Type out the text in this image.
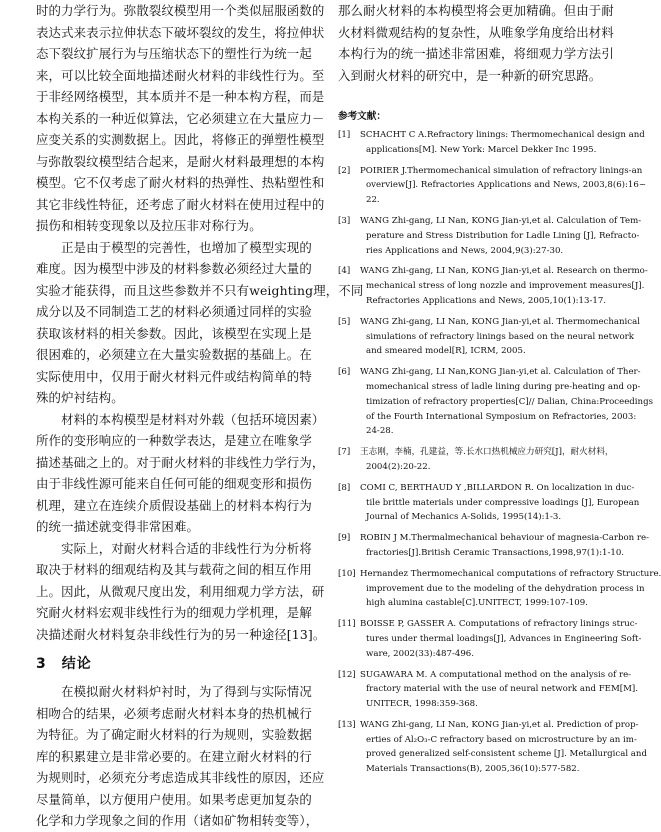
时的力学行为。弥散裂纹模型用一个类似屈服函数的
表达式来表示拉伸状态下破坏裂纹的发生，将拉伸状
态下裂纹扩展行为与压缩状态下的塑性行为统一起
来，可以比较全面地描述耐火材料的非线性行为。至
于非经网络模型，其本质并不是一种本构方程，而是
本构关系的一种近似算法，它必须建立在大量应力－
应变关系的实测数据上。因此，将修正的弹塑性模型
与弥散裂纹模型结合起来，是耐火材料最理想的本构
模型。它不仅考虑了耐火材料的热弹性、热粘塑性和
其它非线性特征，还考虑了耐火材料在使用过程中的
损伤和相转变现象以及拉压非对称行为。
　　正是由于模型的完善性，也增加了模型实现的
难度。因为模型中涉及的材料参数必须经过大量的
实验才能获得，而且这些参数并不只有weighting理，不同
成分以及不同制造工艺的材料必须通过同样的实验
获取该材料的相关参数。因此，该模型在实现上是
很困难的，必须建立在大量实验数据的基础上。在
实际使用中，仅用于耐火材料元件或结构简单的特
殊的炉衬结构。
　　材料的本构模型是材料对外载（包括环境因素）
所作的变形响应的一种数学表达，是建立在唯象学
描述基础之上的。对于耐火材料的非线性力学行为，
由于非线性源可能来自任何可能的细观变形和损伤
机理，建立在连续介质假设基础上的材料本构行为
的统一描述就变得非常困难。
　　实际上，对耐火材料合适的非线性行为分析将
取决于材料的细观结构及其与载荷之间的相互作用
上。因此，从微观尺度出发，利用细观力学方法，研
究耐火材料宏观非线性行为的细观力学机理，是解
决描述耐火材料复杂非线性行为的另一种途径[13]。
3　结论
　　在模拟耐火材料炉衬时，为了得到与实际情况
相吻合的结果，必须考虑耐火材料本身的热机械行
为特征。为了确定耐火材料的行为规则，实验数据
库的积累建立是非常必要的。在建立耐火材料的行
为规则时，必须充分考虑造成其非线性的原因，还应
尽量简单，以方便用户使用。如果考虑更加复杂的
化学和力学现象之间的作用（诸如矿物相转变等），
那么耐火材料的本构模型将会更加精确。但由于耐
火材料微观结构的复杂性，从唯象学角度给出材料
本构行为的统一描述非常困难，将细观力学方法引
入到耐火材料的研究中，是一种新的研究思路。
参考文献：
[1]	SCHACHT C A.Refractory linings: Thermomechanical design and
applications[M]. New York: Marcel Dekker Inc 1995.
[2]	POIRIER J.Thermomechanical simulation of refractory linings-an
overview[J]. Refractories Applications and News, 2003,8(6):16~
22.
[3]	WANG Zhi-gang, LI Nan, KONG Jian-yi,et al. Calculation of Tem-
perature and Stress Distribution for Ladle Lining [J], Refracto-
ries Applications and News, 2004,9(3):27-30.
[4]	WANG Zhi-gang, LI Nan, KONG Jian-yi,et al. Research on thermo-
mechanical stress of long nozzle and improvement measures[J].
Refractories Applications and News, 2005,10(1):13-17.
[5]	WANG Zhi-gang, LI Nan, KONG Jian-yi,et al. Thermomechanical
simulations of refractory linings based on the neural network
and smeared model[R], ICRM, 2005.
[6]	WANG Zhi-gang, LI Nan,KONG Jian-yi,et al. Calculation of Ther-
momechanical stress of ladle lining during pre-heating and op-
timization of refractory properties[C]// Dalian, China:Proceedings
of the Fourth International Symposium on Refractories, 2003:
24-28.
[7]	王志刚，李楠，孔建益，等.长水口热机械应力研究[J]，耐火材料，
2004(2):20-22.
[8]	COMI C, BERTHAUD Y ,BILLARDON R. On localization in duc-
tile brittle materials under compressive loadings [J], European
Journal of Mechanics A-Solids, 1995(14):1-3.
[9]	ROBIN J M.Thermalmechanical behaviour of magnesia-Carbon re-
fractories[J].British Ceramic Transactions,1998,97(1):1-10.
[10] Hernandez Thermomechanical computations of refractory Structure.
improvement due to the modeling of the dehydration process in
high alumina castable[C].UNITECT, 1999:107-109.
[11] BOISSE P, GASSER A. Computations of refractory linings struc-
tures under thermal loadings[J], Advances in Engineering Soft-
ware, 2002(33):487-496.
[12] SUGAWARA M. A computational method on the analysis of re-
fractory material with the use of neural network and FEM[M].
UNITECR, 1998:359-368.
[13] WANG Zhi-gang, LI Nan, KONG Jian-yi,et al. Prediction of prop-
erties of Al₂O₃-C refractory based on microstructure by an im-
proved generalized self-consistent scheme [J]. Metallurgical and
Materials Transactions(B), 2005,36(10):577-582.
